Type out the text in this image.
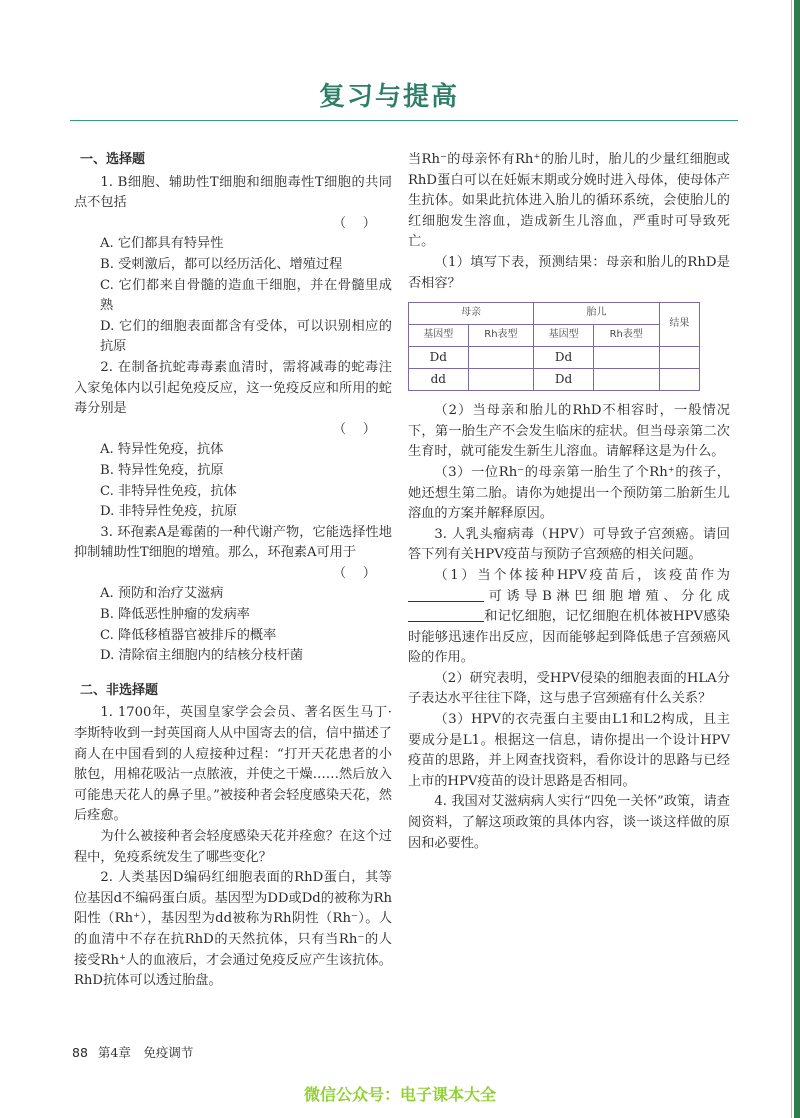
复习与提高

一、选择题

1. B细胞、辅助性T细胞和细胞毒性T细胞的共同点不包括

（    ）

A. 它们都具有特异性

B. 受刺激后，都可以经历活化、增殖过程

C. 它们都来自骨髓的造血干细胞，并在骨髓里成熟

D. 它们的细胞表面都含有受体，可以识别相应的抗原

2. 在制备抗蛇毒毒素血清时，需将减毒的蛇毒注入家兔体内以引起免疫反应，这一免疫反应和所用的蛇毒分别是

（    ）

A. 特异性免疫，抗体

B. 特异性免疫，抗原

C. 非特异性免疫，抗体

D. 非特异性免疫，抗原

3. 环孢素A是霉菌的一种代谢产物，它能选择性地抑制辅助性T细胞的增殖。那么，环孢素A可用于

（    ）

A. 预防和治疗艾滋病

B. 降低恶性肿瘤的发病率

C. 降低移植器官被排斥的概率

D. 清除宿主细胞内的结核分枝杆菌

二、非选择题

1. 1700年，英国皇家学会会员、著名医生马丁·李斯特收到一封英国商人从中国寄去的信，信中描述了商人在中国看到的人痘接种过程：“打开天花患者的小脓包，用棉花吸沾一点脓液，并使之干燥……然后放入可能患天花人的鼻子里。”被接种者会轻度感染天花，然后痊愈。

为什么被接种者会轻度感染天花并痊愈？在这个过程中，免疫系统发生了哪些变化？

2. 人类基因D编码红细胞表面的RhD蛋白，其等位基因d不编码蛋白质。基因型为DD或Dd的被称为Rh阳性（Rh⁺），基因型为dd被称为Rh阴性（Rh⁻）。人的血清中不存在抗RhD的天然抗体，只有当Rh⁻的人接受Rh⁺人的血液后，才会通过免疫反应产生该抗体。RhD抗体可以透过胎盘。

当Rh⁻的母亲怀有Rh⁺的胎儿时，胎儿的少量红细胞或RhD蛋白可以在妊娠末期或分娩时进入母体，使母体产生抗体。如果此抗体进入胎儿的循环系统，会使胎儿的红细胞发生溶血，造成新生儿溶血，严重时可导致死亡。

（1）填写下表，预测结果：母亲和胎儿的RhD是否相容？

母亲		胎儿		结果
基因型	Rh表型	基因型	Rh表型	
Dd		Dd		
dd		Dd		

（2）当母亲和胎儿的RhD不相容时，一般情况下，第一胎生产不会发生临床的症状。但当母亲第二次生育时，就可能发生新生儿溶血。请解释这是为什么。

（3）一位Rh⁻的母亲第一胎生了个Rh⁺的孩子，她还想生第二胎。请你为她提出一个预防第二胎新生儿溶血的方案并解释原因。

3. 人乳头瘤病毒（HPV）可导致子宫颈癌。请回答下列有关HPV疫苗与预防子宫颈癌的相关问题。

（1）当个体接种HPV疫苗后，该疫苗作为可诱导B淋巴细胞增殖、分化成和记忆细胞，记忆细胞在机体被HPV感染时能够迅速作出反应，因而能够起到降低患子宫颈癌风险的作用。

（2）研究表明，受HPV侵染的细胞表面的HLA分子表达水平往往下降，这与患子宫颈癌有什么关系？

（3）HPV的衣壳蛋白主要由L1和L2构成，且主要成分是L1。根据这一信息，请你提出一个设计HPV疫苗的思路，并上网查找资料，看你设计的思路与已经上市的HPV疫苗的设计思路是否相同。

4. 我国对艾滋病病人实行“四免一关怀”政策，请查阅资料，了解这项政策的具体内容，谈一谈这样做的原因和必要性。

88 第4章　免疫调节
微信公众号：电子课本大全
